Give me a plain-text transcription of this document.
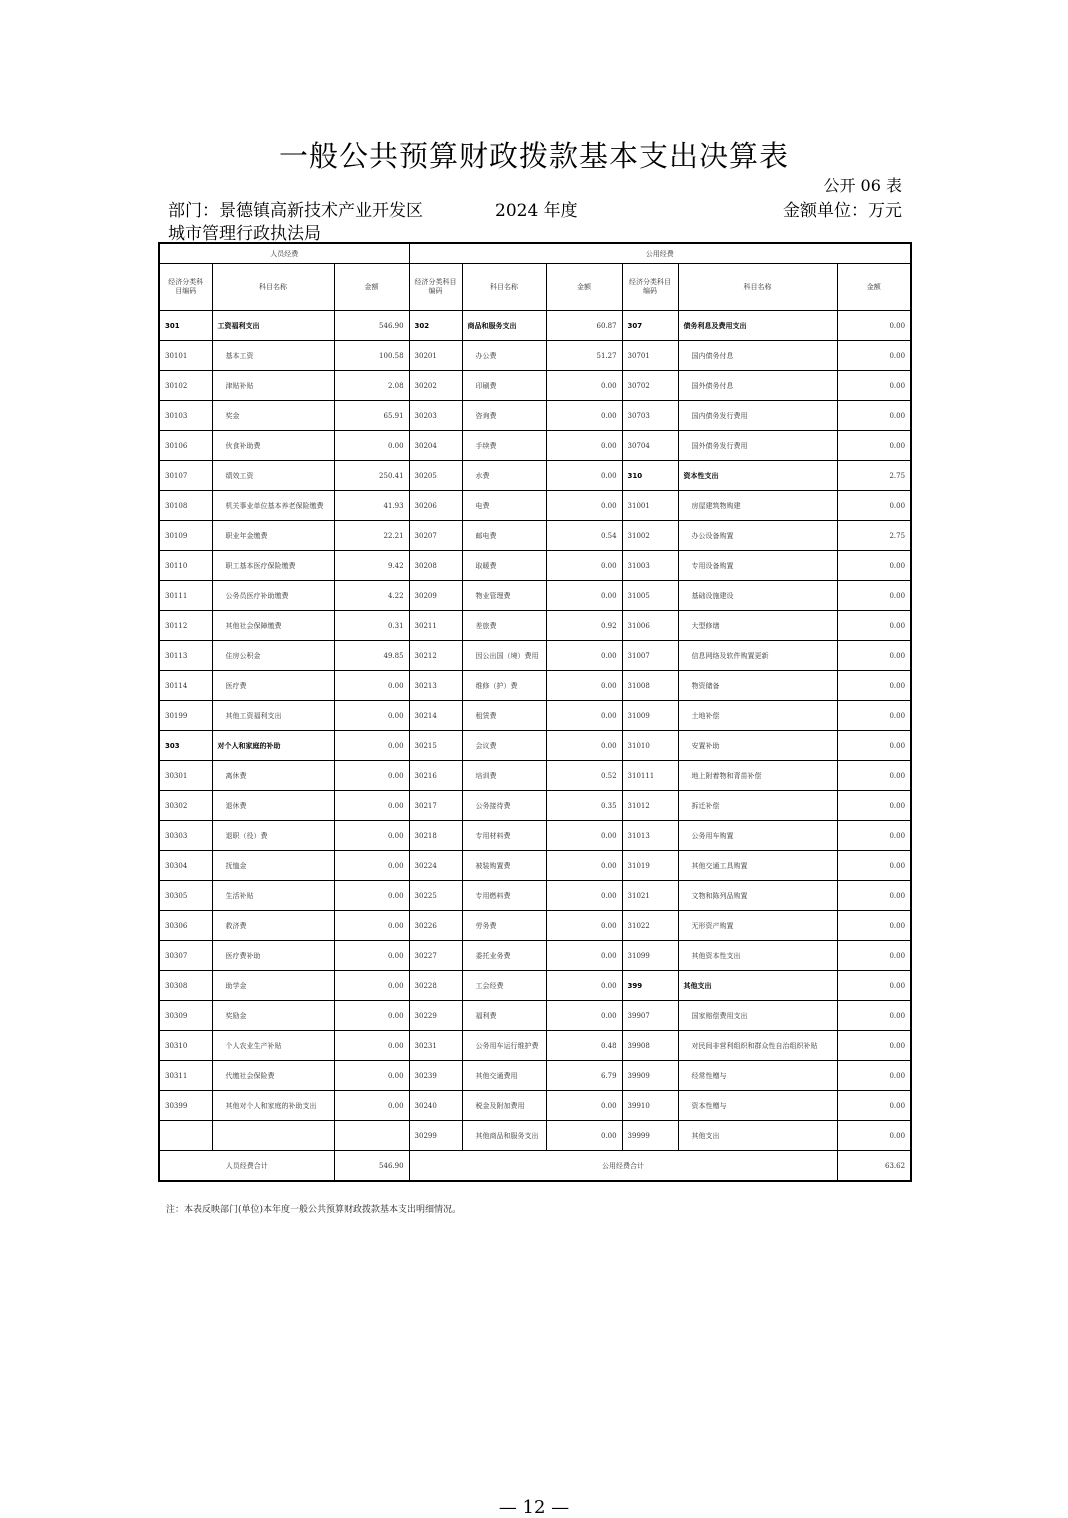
一般公共预算财政拨款基本支出决算表
公开 06 表
部门：景德镇高新技术产业开发区	2024 年度	金额单位：万元
城市管理行政执法局
人员经费			公用经费					
经济分类科目编码	科目名称	金额	经济分类科目编码	科目名称	金额	经济分类科目编码	科目名称	金额
301	工资福利支出	546.90	302	商品和服务支出	60.87	307	债务利息及费用支出	0.00
30101	基本工资	100.58	30201	办公费	51.27	30701	国内债务付息	0.00
30102	津贴补贴	2.08	30202	印刷费	0.00	30702	国外债务付息	0.00
30103	奖金	65.91	30203	咨询费	0.00	30703	国内债务发行费用	0.00
30106	伙食补助费	0.00	30204	手续费	0.00	30704	国外债务发行费用	0.00
30107	绩效工资	250.41	30205	水费	0.00	310	资本性支出	2.75
30108	机关事业单位基本养老保险缴费	41.93	30206	电费	0.00	31001	房屋建筑物购建	0.00
30109	职业年金缴费	22.21	30207	邮电费	0.54	31002	办公设备购置	2.75
30110	职工基本医疗保险缴费	9.42	30208	取暖费	0.00	31003	专用设备购置	0.00
30111	公务员医疗补助缴费	4.22	30209	物业管理费	0.00	31005	基础设施建设	0.00
30112	其他社会保障缴费	0.31	30211	差旅费	0.92	31006	大型修缮	0.00
30113	住房公积金	49.85	30212	因公出国（境）费用	0.00	31007	信息网络及软件购置更新	0.00
30114	医疗费	0.00	30213	维修（护）费	0.00	31008	物资储备	0.00
30199	其他工资福利支出	0.00	30214	租赁费	0.00	31009	土地补偿	0.00
303	对个人和家庭的补助	0.00	30215	会议费	0.00	31010	安置补助	0.00
30301	离休费	0.00	30216	培训费	0.52	310111	地上附着物和青苗补偿	0.00
30302	退休费	0.00	30217	公务接待费	0.35	31012	拆迁补偿	0.00
30303	退职（役）费	0.00	30218	专用材料费	0.00	31013	公务用车购置	0.00
30304	抚恤金	0.00	30224	被装购置费	0.00	31019	其他交通工具购置	0.00
30305	生活补贴	0.00	30225	专用燃料费	0.00	31021	文物和陈列品购置	0.00
30306	救济费	0.00	30226	劳务费	0.00	31022	无形资产购置	0.00
30307	医疗费补助	0.00	30227	委托业务费	0.00	31099	其他资本性支出	0.00
30308	助学金	0.00	30228	工会经费	0.00	399	其他支出	0.00
30309	奖励金	0.00	30229	福利费	0.00	39907	国家赔偿费用支出	0.00
30310	个人农业生产补贴	0.00	30231	公务用车运行维护费	0.48	39908	对民间非营利组织和群众性自治组织补贴	0.00
30311	代缴社会保险费	0.00	30239	其他交通费用	6.79	39909	经常性赠与	0.00
30399	其他对个人和家庭的补助支出	0.00	30240	税金及附加费用	0.00	39910	资本性赠与	0.00
			30299	其他商品和服务支出	0.00	39999	其他支出	0.00
人员经费合计		546.90	公用经费合计					63.62
注：本表反映部门(单位)本年度一般公共预算财政拨款基本支出明细情况。
— 12 —
